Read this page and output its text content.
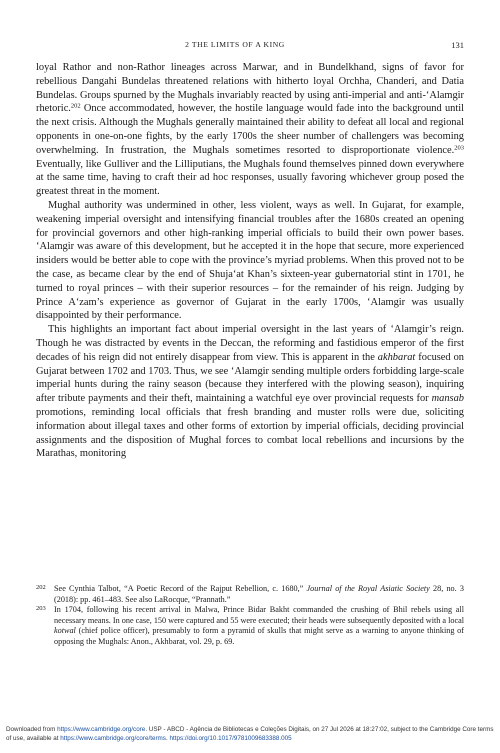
2 THE LIMITS OF A KING	131

loyal Rathor and non-Rathor lineages across Marwar, and in Bundelkhand, signs of favor for rebellious Dangahi Bundelas threatened relations with hitherto loyal Orchha, Chanderi, and Datia Bundelas. Groups spurned by the Mughals invariably reacted by using anti-imperial and anti-‘Alamgir rhetoric.$^{202}$ Once accommodated, however, the hostile language would fade into the background until the next crisis. Although the Mughals generally maintained their ability to defeat all local and regional opponents in one-on-one fights, by the early 1700s the sheer number of challengers was becoming overwhelming. In frustration, the Mughals sometimes resorted to disproportionate violence.$^{203}$ Eventually, like Gulliver and the Lilliputians, the Mughals found themselves pinned down everywhere at the same time, having to craft their ad hoc responses, usually favoring whichever group posed the greatest threat in the moment.

Mughal authority was undermined in other, less violent, ways as well. In Gujarat, for example, weakening imperial oversight and intensifying financial troubles after the 1680s created an opening for provincial governors and other high-ranking imperial officials to build their own power bases. ‘Alamgir was aware of this development, but he accepted it in the hope that secure, more experienced insiders would be better able to cope with the province’s myriad problems. When this proved not to be the case, as became clear by the end of Shuja‘at Khan’s sixteen-year gubernatorial stint in 1701, he turned to royal princes – with their superior resources – for the remainder of his reign. Judging by Prince A‘zam’s experience as governor of Gujarat in the early 1700s, ‘Alamgir was usually disappointed by their performance.

This highlights an important fact about imperial oversight in the last years of ‘Alamgir’s reign. Though he was distracted by events in the Deccan, the reforming and fastidious emperor of the first decades of his reign did not entirely disappear from view. This is apparent in the akhbarat focused on Gujarat between 1702 and 1703. Thus, we see ‘Alamgir sending multiple orders forbidding large-scale imperial hunts during the rainy season (because they interfered with the plowing season), inquiring after tribute payments and their theft, maintaining a watchful eye over provincial requests for mansab promotions, reminding local officials that fresh branding and muster rolls were due, soliciting information about illegal taxes and other forms of extortion by imperial officials, deciding provincial assignments and the disposition of Mughal forces to combat local rebellions and incursions by the Marathas, monitoring

202 See Cynthia Talbot, “A Poetic Record of the Rajput Rebellion, c. 1680,” Journal of the Royal Asiatic Society 28, no. 3 (2018): pp. 461–483. See also LaRocque, “Prannath.”

203 In 1704, following his recent arrival in Malwa, Prince Bidar Bakht commanded the crushing of Bhil rebels using all necessary means. In one case, 150 were captured and 55 were executed; their heads were subsequently deposited with a local kotwal (chief police officer), presumably to form a pyramid of skulls that might serve as a warning to anyone thinking of opposing the Mughals: Anon., Akhbarat, vol. 29, p. 69.

Downloaded from https://www.cambridge.org/core. USP - ABCD - Agência de Bibliotecas e Coleções Digitais, on 27 Jul 2026 at 18:27:02, subject to the Cambridge Core terms of use, available at https://www.cambridge.org/core/terms. https://doi.org/10.1017/9781009683388.005
